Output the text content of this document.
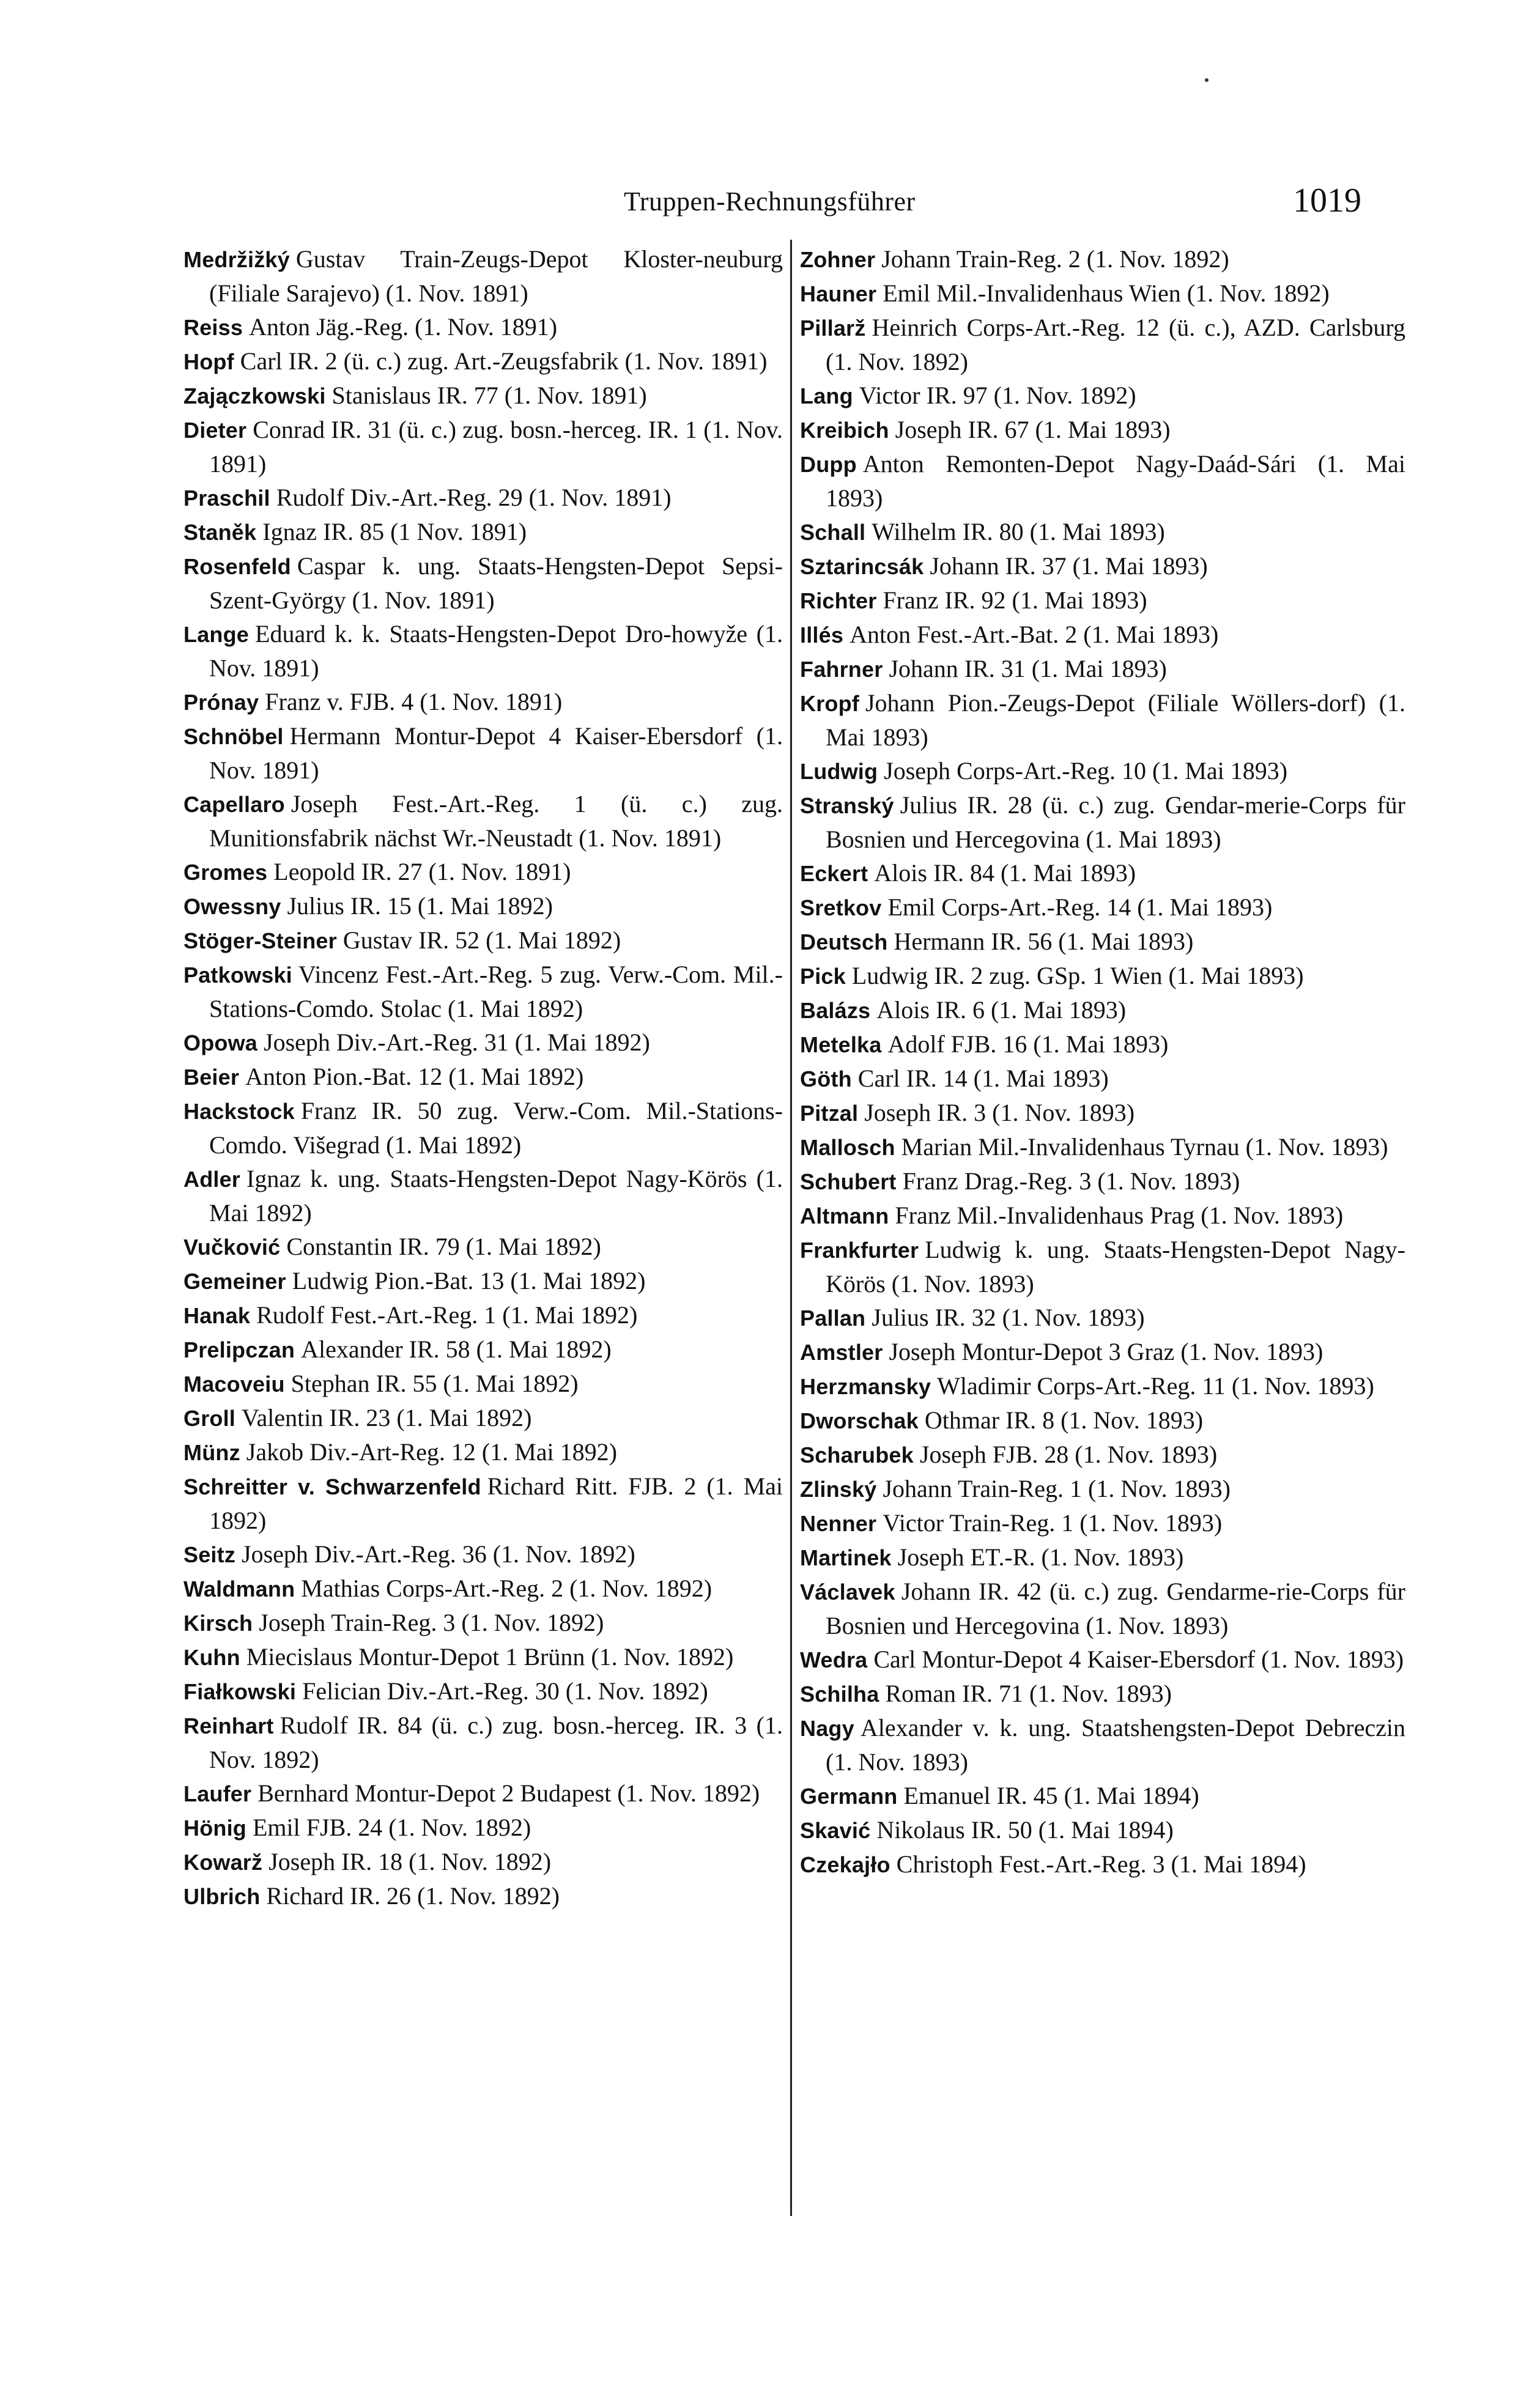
Truppen-Rechnungsführer	1019

Medržižký Gustav Train-Zeugs-Depot Kloster-neuburg (Filiale Sarajevo) (1. Nov. 1891)

Reiss Anton Jäg.-Reg. (1. Nov. 1891)

Hopf Carl IR. 2 (ü. c.) zug. Art.-Zeugsfabrik (1. Nov. 1891)

Zajączkowski Stanislaus IR. 77 (1. Nov. 1891)

Dieter Conrad IR. 31 (ü. c.) zug. bosn.-herceg. IR. 1 (1. Nov. 1891)

Praschil Rudolf Div.-Art.-Reg. 29 (1. Nov. 1891)

Staněk Ignaz IR. 85 (1 Nov. 1891)

Rosenfeld Caspar k. ung. Staats-Hengsten-Depot Sepsi-Szent-György (1. Nov. 1891)

Lange Eduard k. k. Staats-Hengsten-Depot Dro-howyže (1. Nov. 1891)

Prónay Franz v. FJB. 4 (1. Nov. 1891)

Schnöbel Hermann Montur-Depot 4 Kaiser-Ebersdorf (1. Nov. 1891)

Capellaro Joseph Fest.-Art.-Reg. 1 (ü. c.) zug. Munitionsfabrik nächst Wr.-Neustadt (1. Nov. 1891)

Gromes Leopold IR. 27 (1. Nov. 1891)

Owessny Julius IR. 15 (1. Mai 1892)

Stöger-Steiner Gustav IR. 52 (1. Mai 1892)

Patkowski Vincenz Fest.-Art.-Reg. 5 zug. Verw.-Com. Mil.-Stations-Comdo. Stolac (1. Mai 1892)

Opowa Joseph Div.-Art.-Reg. 31 (1. Mai 1892)

Beier Anton Pion.-Bat. 12 (1. Mai 1892)

Hackstock Franz IR. 50 zug. Verw.-Com. Mil.-Stations-Comdo. Višegrad (1. Mai 1892)

Adler Ignaz k. ung. Staats-Hengsten-Depot Nagy-Körös (1. Mai 1892)

Vučković Constantin IR. 79 (1. Mai 1892)

Gemeiner Ludwig Pion.-Bat. 13 (1. Mai 1892)

Hanak Rudolf Fest.-Art.-Reg. 1 (1. Mai 1892)

Prelipczan Alexander IR. 58 (1. Mai 1892)

Macoveiu Stephan IR. 55 (1. Mai 1892)

Groll Valentin IR. 23 (1. Mai 1892)

Münz Jakob Div.-Art-Reg. 12 (1. Mai 1892)

Schreitter v. Schwarzenfeld Richard Ritt. FJB. 2 (1. Mai 1892)

Seitz Joseph Div.-Art.-Reg. 36 (1. Nov. 1892)

Waldmann Mathias Corps-Art.-Reg. 2 (1. Nov. 1892)

Kirsch Joseph Train-Reg. 3 (1. Nov. 1892)

Kuhn Miecislaus Montur-Depot 1 Brünn (1. Nov. 1892)

Fiałkowski Felician Div.-Art.-Reg. 30 (1. Nov. 1892)

Reinhart Rudolf IR. 84 (ü. c.) zug. bosn.-herceg. IR. 3 (1. Nov. 1892)

Laufer Bernhard Montur-Depot 2 Budapest (1. Nov. 1892)

Hönig Emil FJB. 24 (1. Nov. 1892)

Kowarž Joseph IR. 18 (1. Nov. 1892)

Ulbrich Richard IR. 26 (1. Nov. 1892)

Zohner Johann Train-Reg. 2 (1. Nov. 1892)

Hauner Emil Mil.-Invalidenhaus Wien (1. Nov. 1892)

Pillarž Heinrich Corps-Art.-Reg. 12 (ü. c.), AZD. Carlsburg (1. Nov. 1892)

Lang Victor IR. 97 (1. Nov. 1892)

Kreibich Joseph IR. 67 (1. Mai 1893)

Dupp Anton Remonten-Depot Nagy-Daád-Sári (1. Mai 1893)

Schall Wilhelm IR. 80 (1. Mai 1893)

Sztarincsák Johann IR. 37 (1. Mai 1893)

Richter Franz IR. 92 (1. Mai 1893)

Illés Anton Fest.-Art.-Bat. 2 (1. Mai 1893)

Fahrner Johann IR. 31 (1. Mai 1893)

Kropf Johann Pion.-Zeugs-Depot (Filiale Wöllers-dorf) (1. Mai 1893)

Ludwig Joseph Corps-Art.-Reg. 10 (1. Mai 1893)

Stranský Julius IR. 28 (ü. c.) zug. Gendar-merie-Corps für Bosnien und Hercegovina (1. Mai 1893)

Eckert Alois IR. 84 (1. Mai 1893)

Sretkov Emil Corps-Art.-Reg. 14 (1. Mai 1893)

Deutsch Hermann IR. 56 (1. Mai 1893)

Pick Ludwig IR. 2 zug. GSp. 1 Wien (1. Mai 1893)

Balázs Alois IR. 6 (1. Mai 1893)

Metelka Adolf FJB. 16 (1. Mai 1893)

Göth Carl IR. 14 (1. Mai 1893)

Pitzal Joseph IR. 3 (1. Nov. 1893)

Mallosch Marian Mil.-Invalidenhaus Tyrnau (1. Nov. 1893)

Schubert Franz Drag.-Reg. 3 (1. Nov. 1893)

Altmann Franz Mil.-Invalidenhaus Prag (1. Nov. 1893)

Frankfurter Ludwig k. ung. Staats-Hengsten-Depot Nagy-Körös (1. Nov. 1893)

Pallan Julius IR. 32 (1. Nov. 1893)

Amstler Joseph Montur-Depot 3 Graz (1. Nov. 1893)

Herzmansky Wladimir Corps-Art.-Reg. 11 (1. Nov. 1893)

Dworschak Othmar IR. 8 (1. Nov. 1893)

Scharubek Joseph FJB. 28 (1. Nov. 1893)

Zlinský Johann Train-Reg. 1 (1. Nov. 1893)

Nenner Victor Train-Reg. 1 (1. Nov. 1893)

Martinek Joseph ET.-R. (1. Nov. 1893)

Václavek Johann IR. 42 (ü. c.) zug. Gendarme-rie-Corps für Bosnien und Hercegovina (1. Nov. 1893)

Wedra Carl Montur-Depot 4 Kaiser-Ebersdorf (1. Nov. 1893)

Schilha Roman IR. 71 (1. Nov. 1893)

Nagy Alexander v. k. ung. Staatshengsten-Depot Debreczin (1. Nov. 1893)

Germann Emanuel IR. 45 (1. Mai 1894)

Skavić Nikolaus IR. 50 (1. Mai 1894)

Czekajło Christoph Fest.-Art.-Reg. 3 (1. Mai 1894)
